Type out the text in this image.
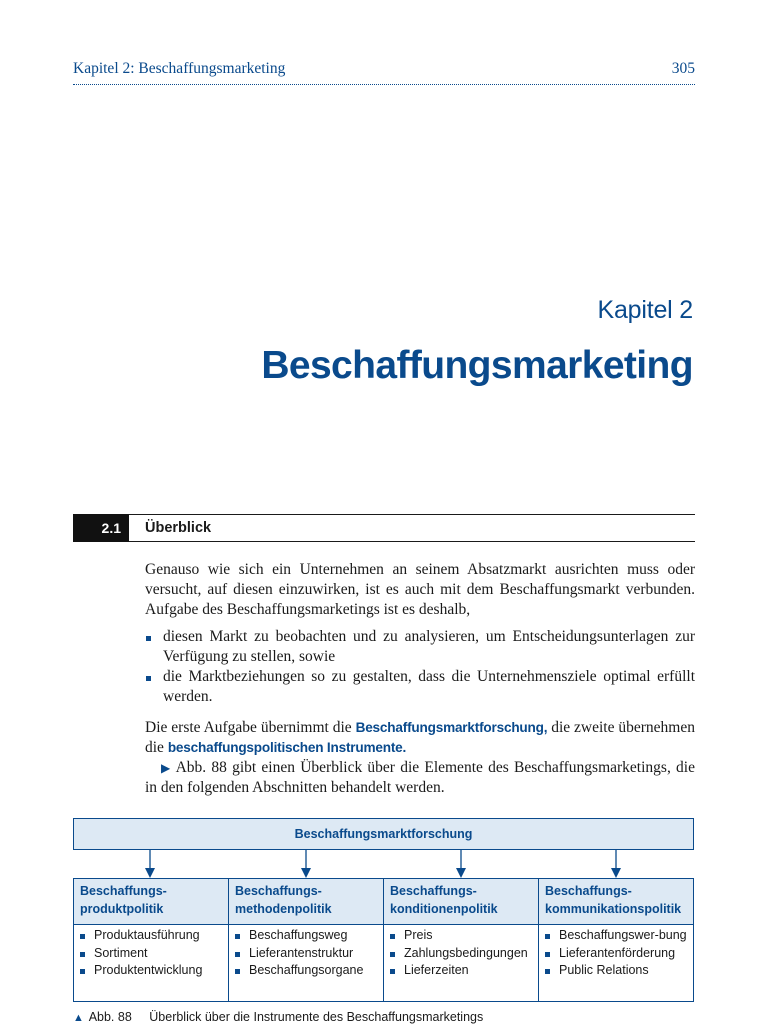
Kapitel 2: Beschaffungsmarketing	305
Kapitel 2
Beschaffungsmarketing
2.1	Überblick

Genauso wie sich ein Unternehmen an seinem Absatzmarkt ausrichten muss oder versucht, auf diesen einzuwirken, ist es auch mit dem Beschaffungsmarkt verbunden. Aufgabe des Beschaffungsmarketings ist es deshalb,

diesen Markt zu beobachten und zu analysieren, um Entscheidungsunterlagen zur Verfügung zu stellen, sowie
die Marktbeziehungen so zu gestalten, dass die Unternehmensziele optimal erfüllt werden.

Die erste Aufgabe übernimmt die Beschaffungsmarktforschung, die zweite übernehmen die beschaffungspolitischen Instrumente.

▶ Abb. 88 gibt einen Überblick über die Elemente des Beschaffungsmarketings, die in den folgenden Abschnitten behandelt werden.

Beschaffungsmarktforschung
Beschaffungs-
produktpolitik
Produktausführung
Sortiment
Produktentwicklung
Beschaffungs-
methodenpolitik
Beschaffungsweg
Lieferantenstruktur
Beschaffungsorgane
Beschaffungs-
konditionenpolitik
Preis
Zahlungsbedingungen
Lieferzeiten
Beschaffungs-
kommunikationspolitik
Beschaffungswer-bung
Lieferantenförderung
Public Relations
▲ Abb. 88 Überblick über die Instrumente des Beschaffungsmarketings
